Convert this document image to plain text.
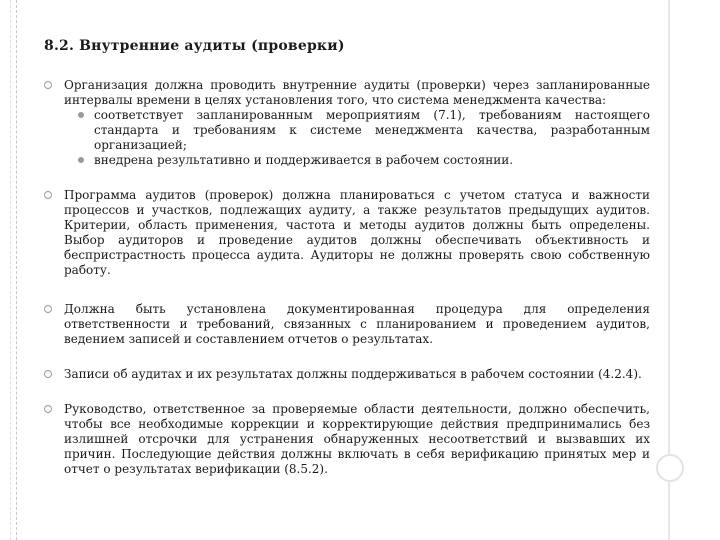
8.2. Внутренние аудиты (проверки)
Организация должна проводить внутренние аудиты (проверки) через запланированные интервалы времени в целях установления того, что система менеджмента качества:
соответствует запланированным мероприятиям (7.1), требованиям настоящего стандарта и требованиям к системе менеджмента качества, разработанным организацией;
внедрена результативно и поддерживается в рабочем состоянии.
Программа аудитов (проверок) должна планироваться с учетом статуса и важности процессов и участков, подлежащих аудиту, а также результатов предыдущих аудитов. Критерии, область применения, частота и методы аудитов должны быть определены. Выбор аудиторов и проведение аудитов должны обеспечивать объективность и беспристрастность процесса аудита. Аудиторы не должны проверять свою собственную работу.
Должна быть установлена документированная процедура для определения ответственности и требований, связанных с планированием и проведением аудитов, ведением записей и составлением отчетов о результатах.
Записи об аудитах и их результатах должны поддерживаться в рабочем состоянии (4.2.4).
Руководство, ответственное за проверяемые области деятельности, должно обеспечить, чтобы все необходимые коррекции и корректирующие действия предпринимались без излишней отсрочки для устранения обнаруженных несоответствий и вызвавших их причин. Последующие действия должны включать в себя верификацию принятых мер и отчет о результатах верификации (8.5.2).
